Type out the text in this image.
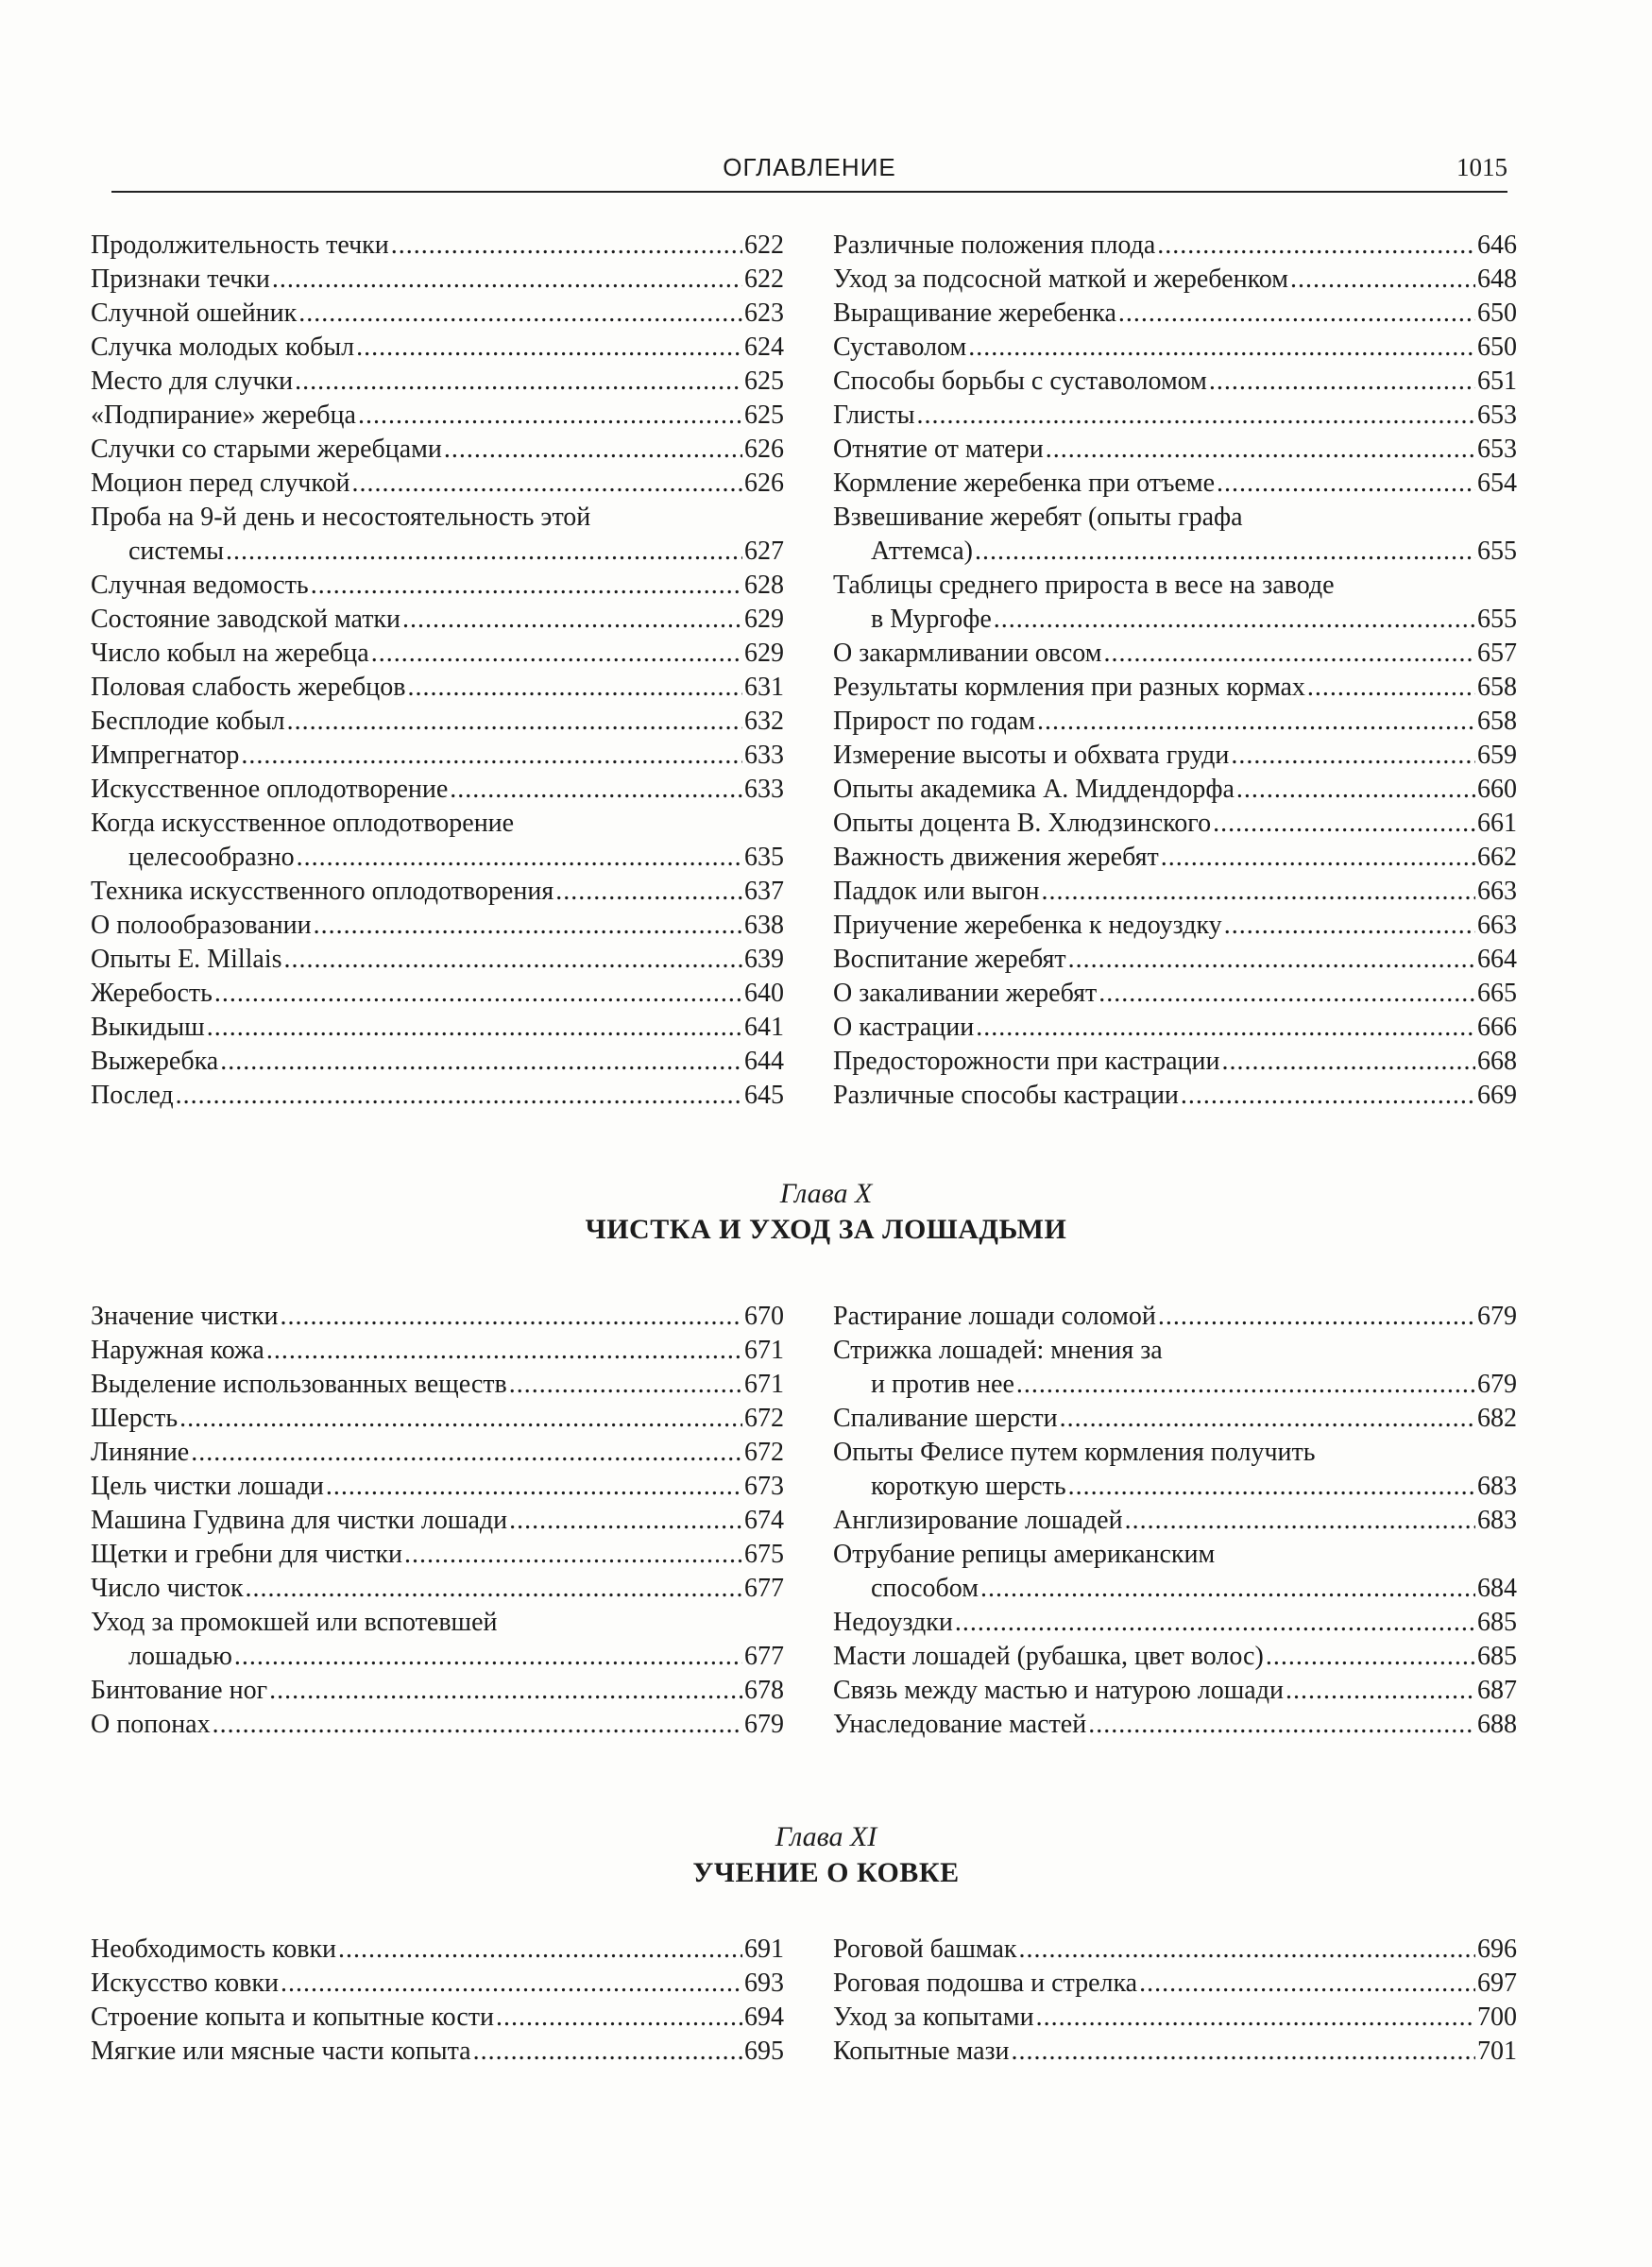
ОГЛАВЛЕНИЕ	1015
Продолжительность течки .....	622
Признаки течки .....	622
Случной ошейник .....	623
Случка молодых кобыл .....	624
Место для случки .....	625
«Подпирание» жеребца .....	625
Случки со старыми жеребцами .....	626
Моцион перед случкой .....	626
Проба на 9-й день и несостоятельность этой
системы .....	627
Случная ведомость .....	628
Состояние заводской матки .....	629
Число кобыл на жеребца .....	629
Половая слабость жеребцов .....	631
Бесплодие кобыл .....	632
Импрегнатор .....	633
Искусственное оплодотворение .....	633
Когда искусственное оплодотворение
целесообразно .....	635
Техника искусственного оплодотворения .....	637
О полообразовании .....	638
Опыты E. Millais .....	639
Жеребость .....	640
Выкидыш .....	641
Выжеребка .....	644
Послед .....	645
Различные положения плода .....	646
Уход за подсосной маткой и жеребенком .....	648
Выращивание жеребенка .....	650
Суставолом .....	650
Способы борьбы с суставоломом .....	651
Глисты .....	653
Отнятие от матери .....	653
Кормление жеребенка при отъеме .....	654
Взвешивание жеребят (опыты графа
Аттемса) .....	655
Таблицы среднего прироста в весе на заводе
в Мургофе .....	655
О закармливании овсом .....	657
Результаты кормления при разных кормах .....	658
Прирост по годам .....	658
Измерение высоты и обхвата груди .....	659
Опыты академика А. Миддендорфа .....	660
Опыты доцента В. Хлюдзинского .....	661
Важность движения жеребят .....	662
Паддок или выгон .....	663
Приучение жеребенка к недоуздку .....	663
Воспитание жеребят .....	664
О закаливании жеребят .....	665
О кастрации .....	666
Предосторожности при кастрации .....	668
Различные способы кастрации .....	669
Глава X
ЧИСТКА И УХОД ЗА ЛОШАДЬМИ
Значение чистки .....	670
Наружная кожа .....	671
Выделение использованных веществ .....	671
Шерсть .....	672
Линяние .....	672
Цель чистки лошади .....	673
Машина Гудвина для чистки лошади .....	674
Щетки и гребни для чистки .....	675
Число чисток .....	677
Уход за промокшей или вспотевшей
лошадью .....	677
Бинтование ног .....	678
О попонах .....	679
Растирание лошади соломой .....	679
Стрижка лошадей: мнения за
и против нее .....	679
Спаливание шерсти .....	682
Опыты Фелисе путем кормления получить
короткую шерсть .....	683
Англизирование лошадей .....	683
Отрубание репицы американским
способом .....	684
Недоуздки .....	685
Масти лошадей (рубашка, цвет волос) .....	685
Связь между мастью и натурою лошади .....	687
Унаследование мастей .....	688
Глава XI
УЧЕНИЕ О КОВКЕ
Необходимость ковки .....	691
Искусство ковки .....	693
Строение копыта и копытные кости .....	694
Мягкие или мясные части копыта .....	695
Роговой башмак .....	696
Роговая подошва и стрелка .....	697
Уход за копытами .....	700
Копытные мази .....	701
